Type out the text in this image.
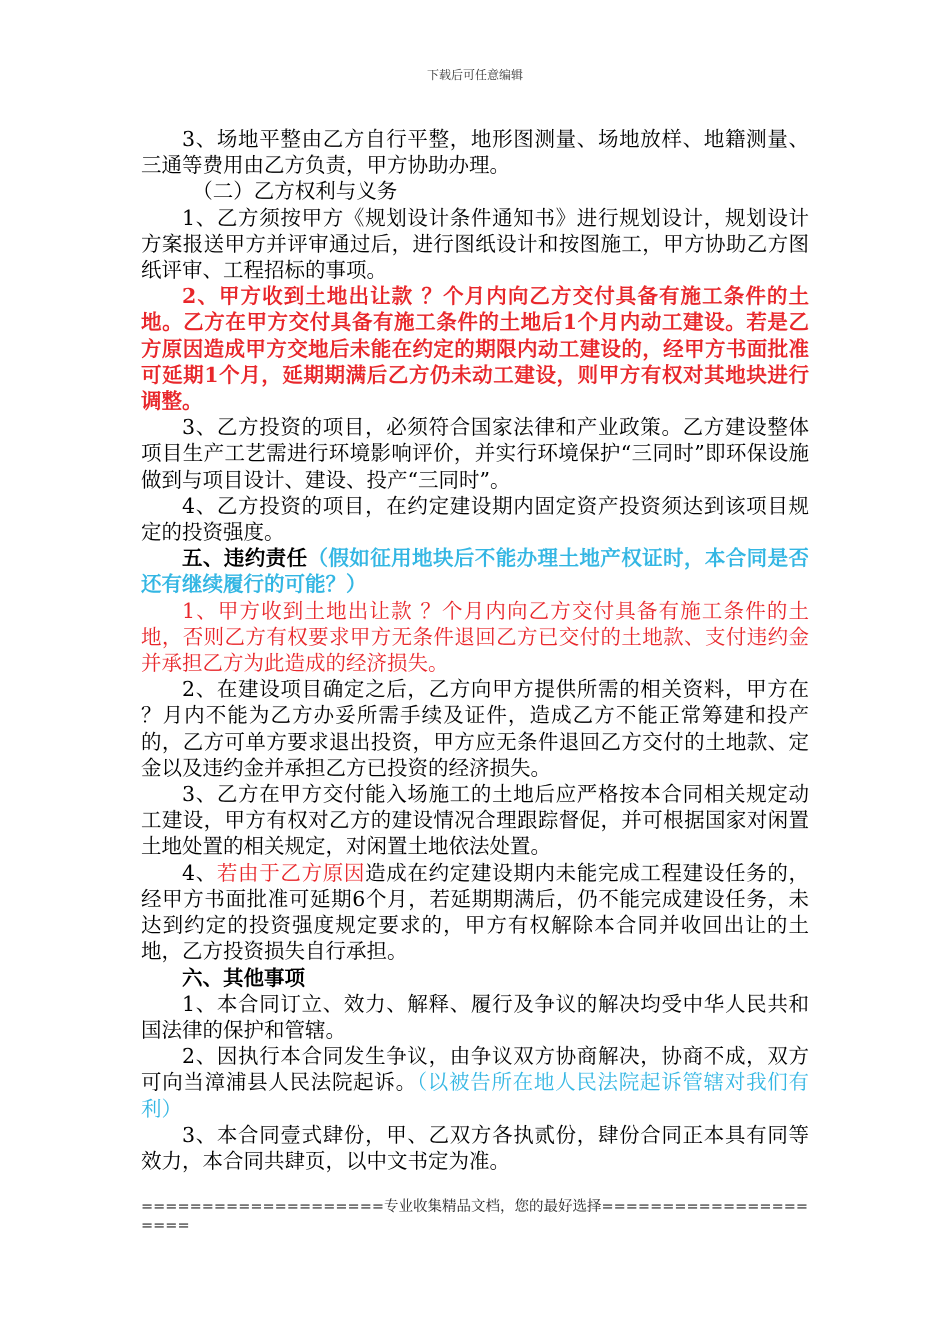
下载后可任意编辑

3、场地平整由乙方自行平整，地形图测量、场地放样、地籍测量、三通等费用由乙方负责，甲方协助办理。

（二）乙方权利与义务

1、乙方须按甲方《规划设计条件通知书》进行规划设计，规划设计方案报送甲方并评审通过后，进行图纸设计和按图施工，甲方协助乙方图纸评审、工程招标的事项。

2、甲方收到土地出让款 ？个月内向乙方交付具备有施工条件的土地。乙方在甲方交付具备有施工条件的土地后1个月内动工建设。若是乙方原因造成甲方交地后未能在约定的期限内动工建设的，经甲方书面批准可延期1个月，延期期满后乙方仍未动工建设，则甲方有权对其地块进行调整。

3、乙方投资的项目，必须符合国家法律和产业政策。乙方建设整体项目生产工艺需进行环境影响评价，并实行环境保护“三同时”即环保设施做到与项目设计、建设、投产“三同时”。

4、乙方投资的项目，在约定建设期内固定资产投资须达到该项目规定的投资强度。

五、违约责任（假如征用地块后不能办理土地产权证时，本合同是否还有继续履行的可能？）

1、甲方收到土地出让款 ？个月内向乙方交付具备有施工条件的土地，否则乙方有权要求甲方无条件退回乙方已交付的土地款、支付违约金并承担乙方为此造成的经济损失。

2、在建设项目确定之后，乙方向甲方提供所需的相关资料，甲方在 ？月内不能为乙方办妥所需手续及证件，造成乙方不能正常筹建和投产的，乙方可单方要求退出投资，甲方应无条件退回乙方交付的土地款、定金以及违约金并承担乙方已投资的经济损失。

3、乙方在甲方交付能入场施工的土地后应严格按本合同相关规定动工建设，甲方有权对乙方的建设情况合理跟踪督促，并可根据国家对闲置土地处置的相关规定，对闲置土地依法处置。

4、若由于乙方原因造成在约定建设期内未能完成工程建设任务的，经甲方书面批准可延期6个月，若延期期满后，仍不能完成建设任务，未达到约定的投资强度规定要求的，甲方有权解除本合同并收回出让的土地，乙方投资损失自行承担。

六、其他事项

1、本合同订立、效力、解释、履行及争议的解决均受中华人民共和国法律的保护和管辖。

2、因执行本合同发生争议，由争议双方协商解决，协商不成，双方可向当漳浦县人民法院起诉。（以被告所在地人民法院起诉管辖对我们有利）

3、本合同壹式肆份，甲、乙双方各执贰份，肆份合同正本具有同等效力，本合同共肆页，以中文书定为准。

====================专业收集精品文档，您的最好选择=====================
